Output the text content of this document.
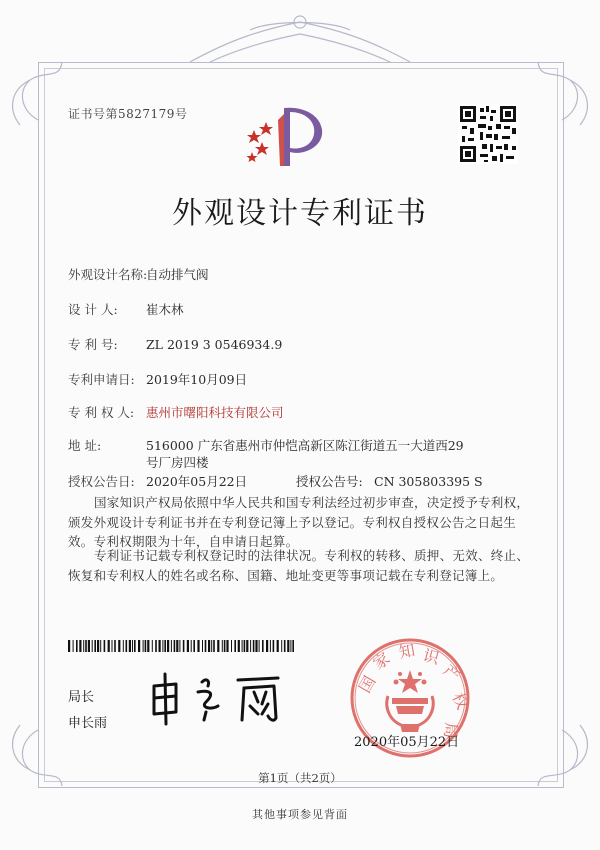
证书号第5827179号
外观设计专利证书
外观设计名称:自动排气阀
设 计 人: 崔木林
专 利 号: ZL 2019 3 0546934.9
专利申请日: 2019年10月09日
专 利 权 人: 惠州市曙阳科技有限公司
地 址:	516000 广东省惠州市仲恺高新区陈江街道五一大道西29
号厂房四楼
授权公告日: 2020年05月22日	授权公告号: CN 305803395 S
国家知识产权局依照中华人民共和国专利法经过初步审查，决定授予专利权，颁发外观设计专利证书并在专利登记簿上予以登记。专利权自授权公告之日起生效。专利权期限为十年，自申请日起算。
专利证书记载专利权登记时的法律状况。专利权的转移、质押、无效、终止、恢复和专利权人的姓名或名称、国籍、地址变更等事项记载在专利登记簿上。
局长
申长雨
国
家 知 识
产
权
局
2020年05月22日
第1页（共2页）
其他事项参见背面
